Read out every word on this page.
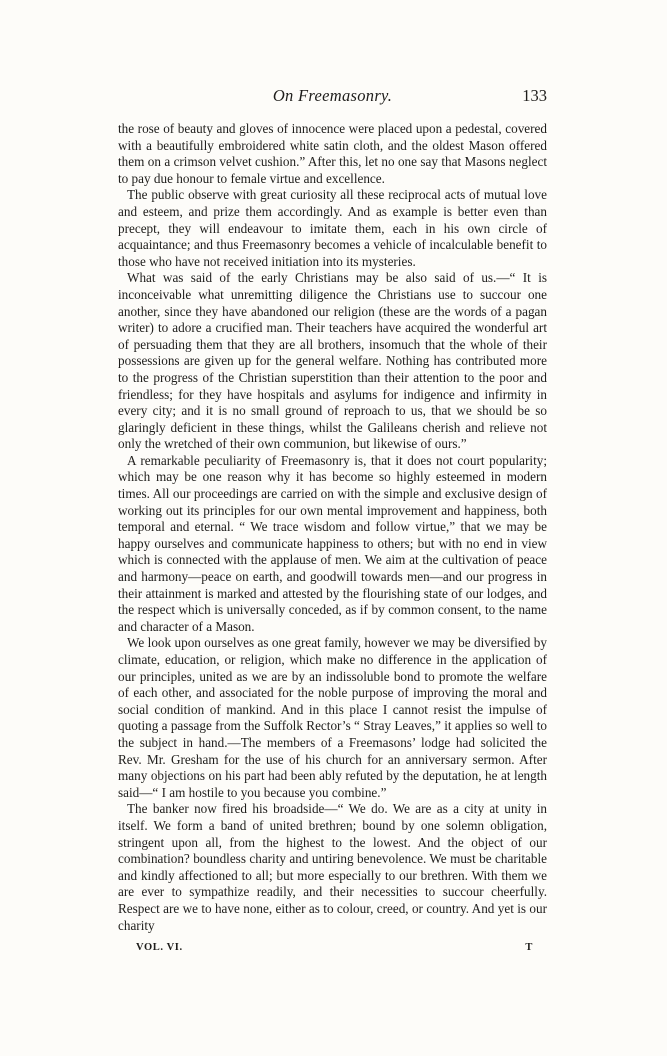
On Freemasonry.	133

the rose of beauty and gloves of innocence were placed upon a pedestal, covered with a beautifully embroidered white satin cloth, and the oldest Mason offered them on a crimson velvet cushion.” After this, let no one say that Masons neglect to pay due honour to female virtue and excellence.

The public observe with great curiosity all these reciprocal acts of mutual love and esteem, and prize them accordingly. And as example is better even than precept, they will endeavour to imitate them, each in his own circle of acquaintance; and thus Freemasonry becomes a vehicle of incalculable benefit to those who have not received initiation into its mysteries.

What was said of the early Christians may be also said of us.—“ It is inconceivable what unremitting diligence the Christians use to succour one another, since they have abandoned our religion (these are the words of a pagan writer) to adore a crucified man. Their teachers have acquired the wonderful art of persuading them that they are all brothers, insomuch that the whole of their possessions are given up for the general welfare. Nothing has contributed more to the progress of the Christian superstition than their attention to the poor and friendless; for they have hospitals and asylums for indigence and infirmity in every city; and it is no small ground of reproach to us, that we should be so glaringly deficient in these things, whilst the Galileans cherish and relieve not only the wretched of their own communion, but likewise of ours.”

A remarkable peculiarity of Freemasonry is, that it does not court popularity; which may be one reason why it has become so highly esteemed in modern times. All our proceedings are carried on with the simple and exclusive design of working out its principles for our own mental improvement and happiness, both temporal and eternal. “ We trace wisdom and follow virtue,” that we may be happy ourselves and communicate happiness to others; but with no end in view which is connected with the applause of men. We aim at the cultivation of peace and harmony—peace on earth, and goodwill towards men—and our progress in their attainment is marked and attested by the flourishing state of our lodges, and the respect which is universally conceded, as if by common consent, to the name and character of a Mason.

We look upon ourselves as one great family, however we may be diversified by climate, education, or religion, which make no difference in the application of our principles, united as we are by an indissoluble bond to promote the welfare of each other, and associated for the noble purpose of improving the moral and social condition of mankind. And in this place I cannot resist the impulse of quoting a passage from the Suffolk Rector’s “ Stray Leaves,” it applies so well to the subject in hand.—The members of a Freemasons’ lodge had solicited the Rev. Mr. Gresham for the use of his church for an anniversary sermon. After many objections on his part had been ably refuted by the deputation, he at length said—“ I am hostile to you because you combine.”

The banker now fired his broadside—“ We do. We are as a city at unity in itself. We form a band of united brethren; bound by one solemn obligation, stringent upon all, from the highest to the lowest. And the object of our combination? boundless charity and untiring benevolence. We must be charitable and kindly affectioned to all; but more especially to our brethren. With them we are ever to sympathize readily, and their necessities to succour cheerfully. Respect are we to have none, either as to colour, creed, or country. And yet is our charity

VOL. VI.	T
